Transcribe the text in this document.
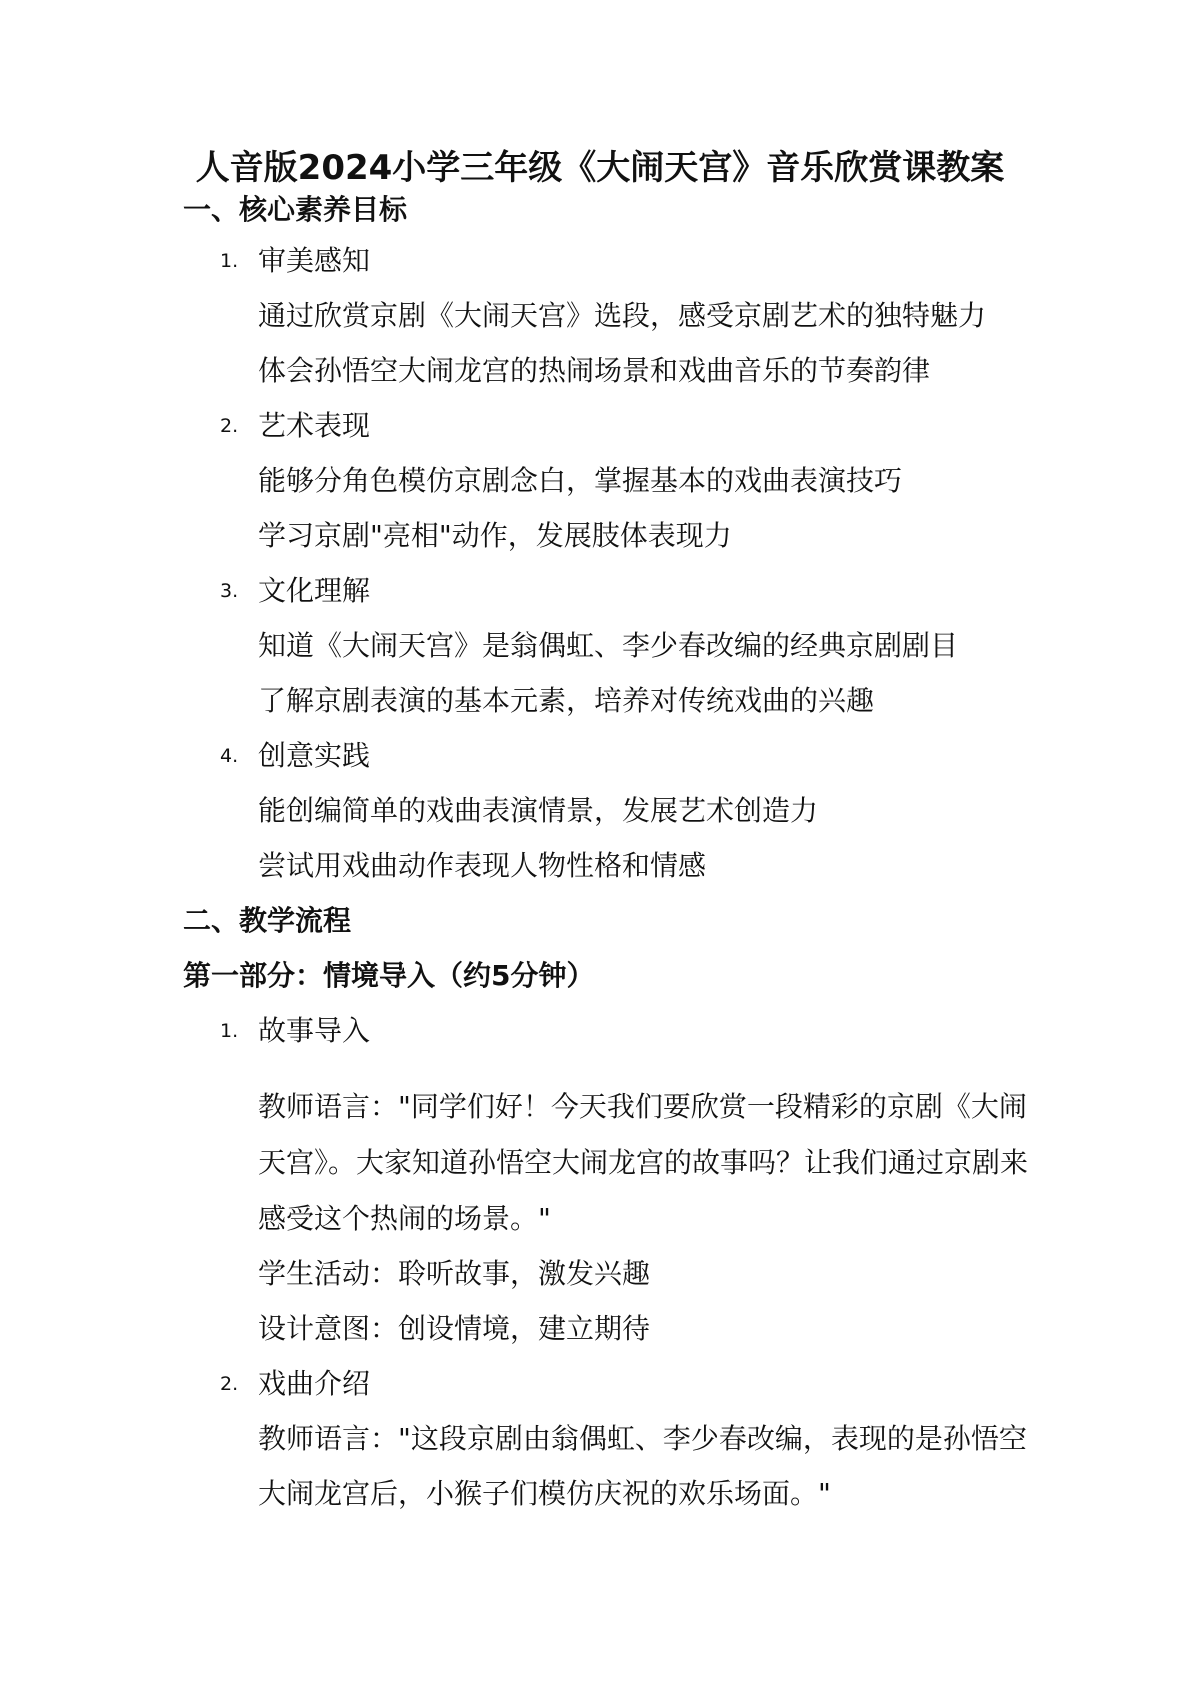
人音版2024小学三年级《大闹天宫》音乐欣赏课教案
一、核心素养目标
1. 审美感知
通过欣赏京剧《大闹天宫》选段，感受京剧艺术的独特魅力
体会孙悟空大闹龙宫的热闹场景和戏曲音乐的节奏韵律
2. 艺术表现
能够分角色模仿京剧念白，掌握基本的戏曲表演技巧
学习京剧"亮相"动作，发展肢体表现力
3. 文化理解
知道《大闹天宫》是翁偶虹、李少春改编的经典京剧剧目
了解京剧表演的基本元素，培养对传统戏曲的兴趣
4. 创意实践
能创编简单的戏曲表演情景，发展艺术创造力
尝试用戏曲动作表现人物性格和情感
二、教学流程
第一部分：情境导入（约5分钟）
1. 故事导入
教师语言："同学们好！今天我们要欣赏一段精彩的京剧《大闹
天宫》。大家知道孙悟空大闹龙宫的故事吗？让我们通过京剧来
感受这个热闹的场景。"
学生活动：聆听故事，激发兴趣
设计意图：创设情境，建立期待
2. 戏曲介绍
教师语言："这段京剧由翁偶虹、李少春改编，表现的是孙悟空
大闹龙宫后，小猴子们模仿庆祝的欢乐场面。"
